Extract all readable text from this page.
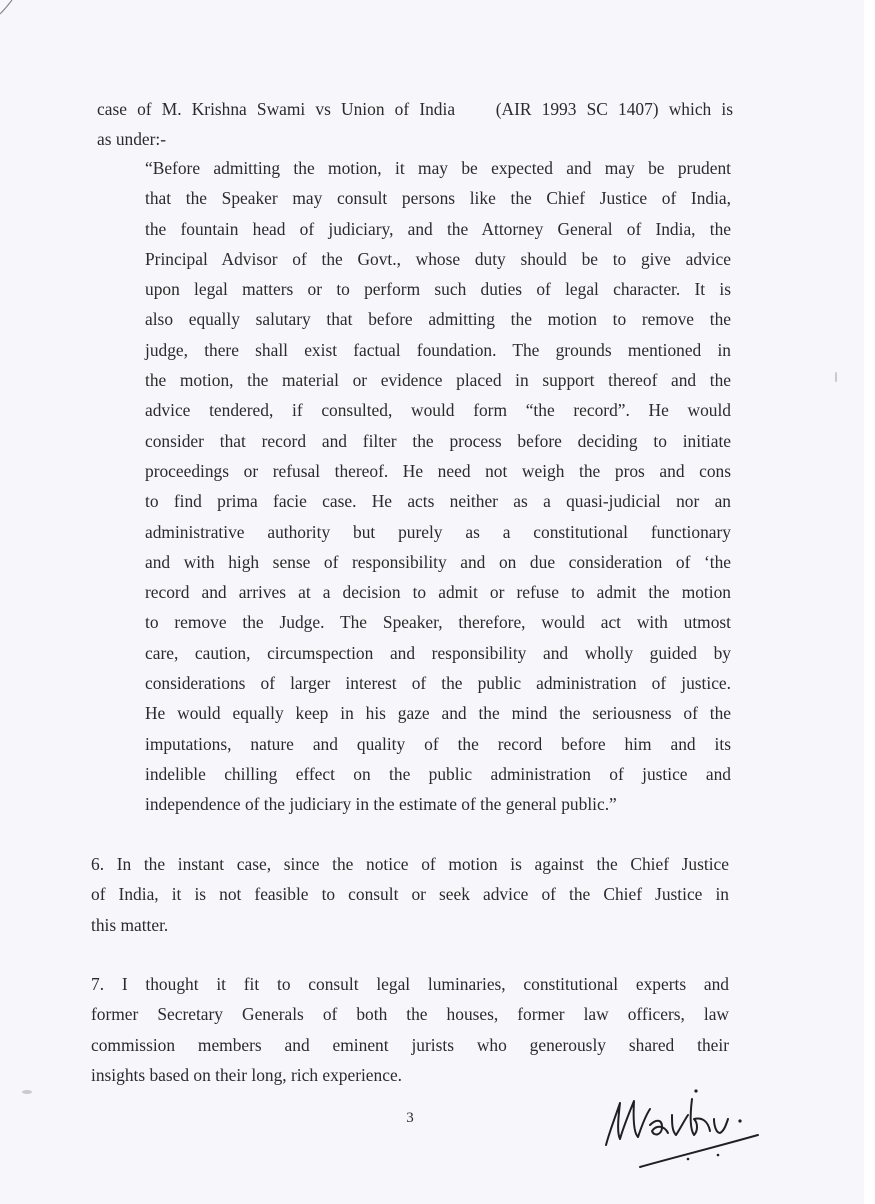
case of M. Krishna Swami vs Union of India    (AIR 1993 SC 1407) which is
as under:-
“Before admitting the motion, it may be expected and may be prudent
that the Speaker may consult persons like the Chief Justice of India,
the fountain head of judiciary, and the Attorney General of India, the
Principal Advisor of the Govt., whose duty should be to give advice
upon legal matters or to perform such duties of legal character. It is
also equally salutary that before admitting the motion to remove the
judge, there shall exist factual foundation. The grounds mentioned in
the motion, the material or evidence placed in support thereof and the
advice tendered, if consulted, would form “the record”. He would
consider that record and filter the process before deciding to initiate
proceedings or refusal thereof. He need not weigh the pros and cons
to find prima facie case. He acts neither as a quasi-judicial nor an
administrative authority but purely as a constitutional functionary
and with high sense of responsibility and on due consideration of ‘the
record and arrives at a decision to admit or refuse to admit the motion
to remove the Judge. The Speaker, therefore, would act with utmost
care, caution, circumspection and responsibility and wholly guided by
considerations of larger interest of the public administration of justice.
He would equally keep in his gaze and the mind the seriousness of the
imputations, nature and quality of the record before him and its
indelible chilling effect on the public administration of justice and
independence of the judiciary in the estimate of the general public.”
6. In the instant case, since the notice of motion is against the Chief Justice
of India, it is not feasible to consult or seek advice of the Chief Justice in
this matter.
7. I thought it fit to consult legal luminaries, constitutional experts and
former Secretary Generals of both the houses, former law officers, law
commission members and eminent jurists who generously shared their
insights based on their long, rich experience.
3
